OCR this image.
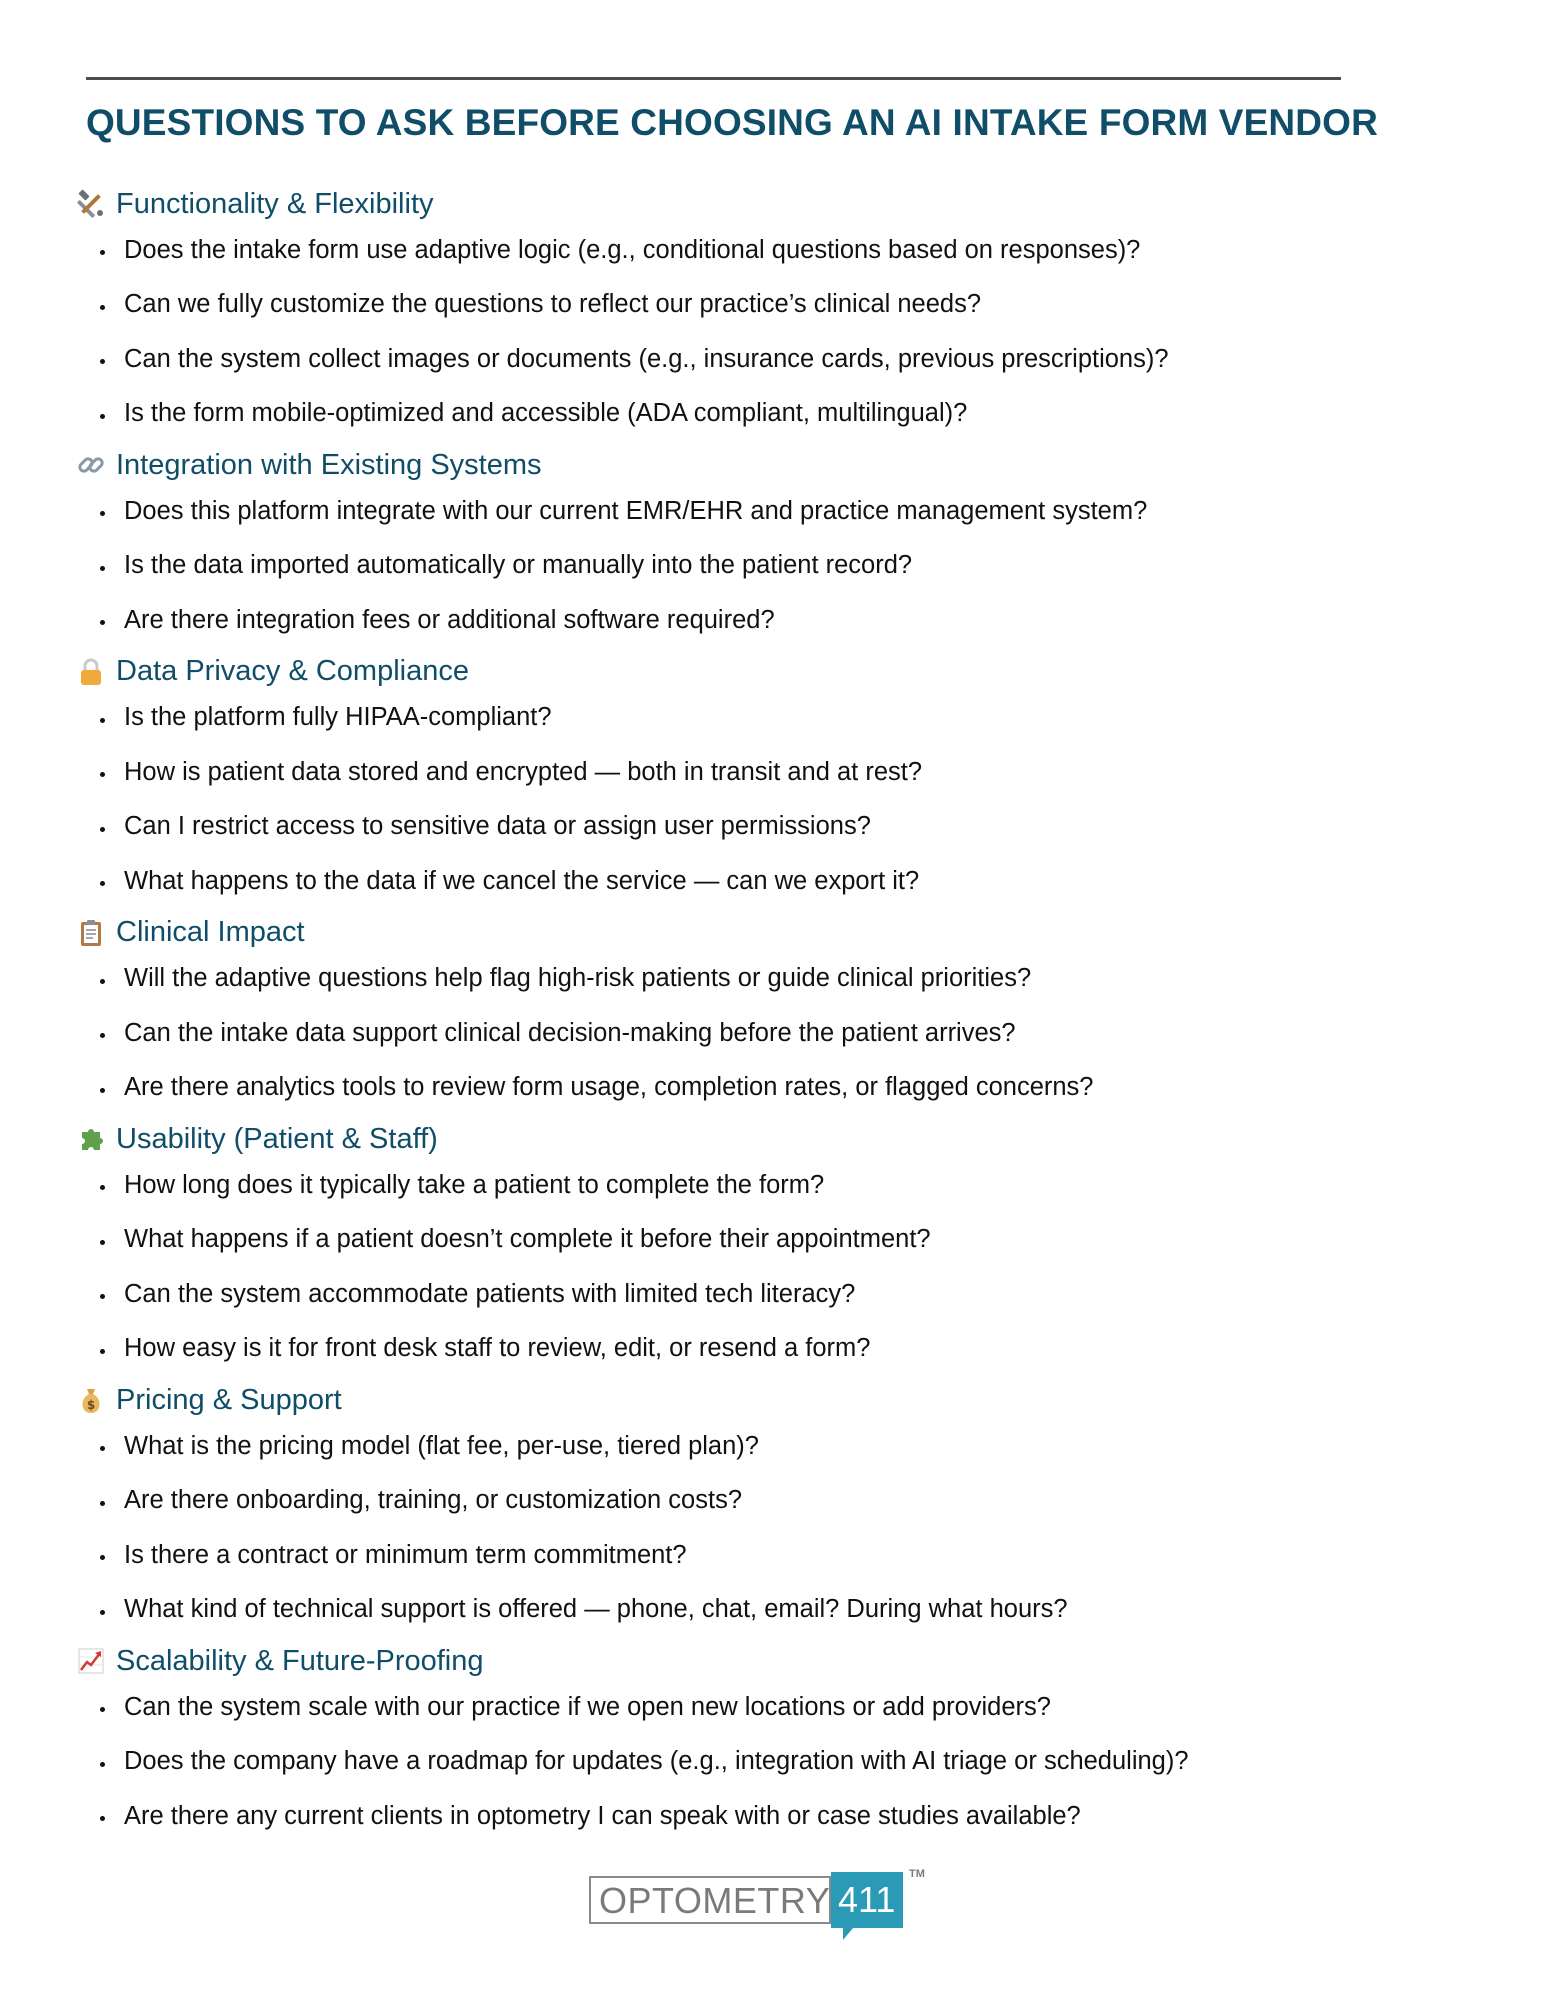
QUESTIONS TO ASK BEFORE CHOOSING AN AI INTAKE FORM VENDOR
Functionality & Flexibility
Does the intake form use adaptive logic (e.g., conditional questions based on responses)?
Can we fully customize the questions to reflect our practice’s clinical needs?
Can the system collect images or documents (e.g., insurance cards, previous prescriptions)?
Is the form mobile-optimized and accessible (ADA compliant, multilingual)?
Integration with Existing Systems
Does this platform integrate with our current EMR/EHR and practice management system?
Is the data imported automatically or manually into the patient record?
Are there integration fees or additional software required?
Data Privacy & Compliance
Is the platform fully HIPAA-compliant?
How is patient data stored and encrypted — both in transit and at rest?
Can I restrict access to sensitive data or assign user permissions?
What happens to the data if we cancel the service — can we export it?
Clinical Impact
Will the adaptive questions help flag high-risk patients or guide clinical priorities?
Can the intake data support clinical decision-making before the patient arrives?
Are there analytics tools to review form usage, completion rates, or flagged concerns?
Usability (Patient & Staff)
How long does it typically take a patient to complete the form?
What happens if a patient doesn’t complete it before their appointment?
Can the system accommodate patients with limited tech literacy?
How easy is it for front desk staff to review, edit, or resend a form?
$ Pricing & Support
What is the pricing model (flat fee, per-use, tiered plan)?
Are there onboarding, training, or customization costs?
Is there a contract or minimum term commitment?
What kind of technical support is offered — phone, chat, email? During what hours?
Scalability & Future-Proofing
Can the system scale with our practice if we open new locations or add providers?
Does the company have a roadmap for updates (e.g., integration with AI triage or scheduling)?
Are there any current clients in optometry I can speak with or case studies available?
OPTOMETRY 411
TM
